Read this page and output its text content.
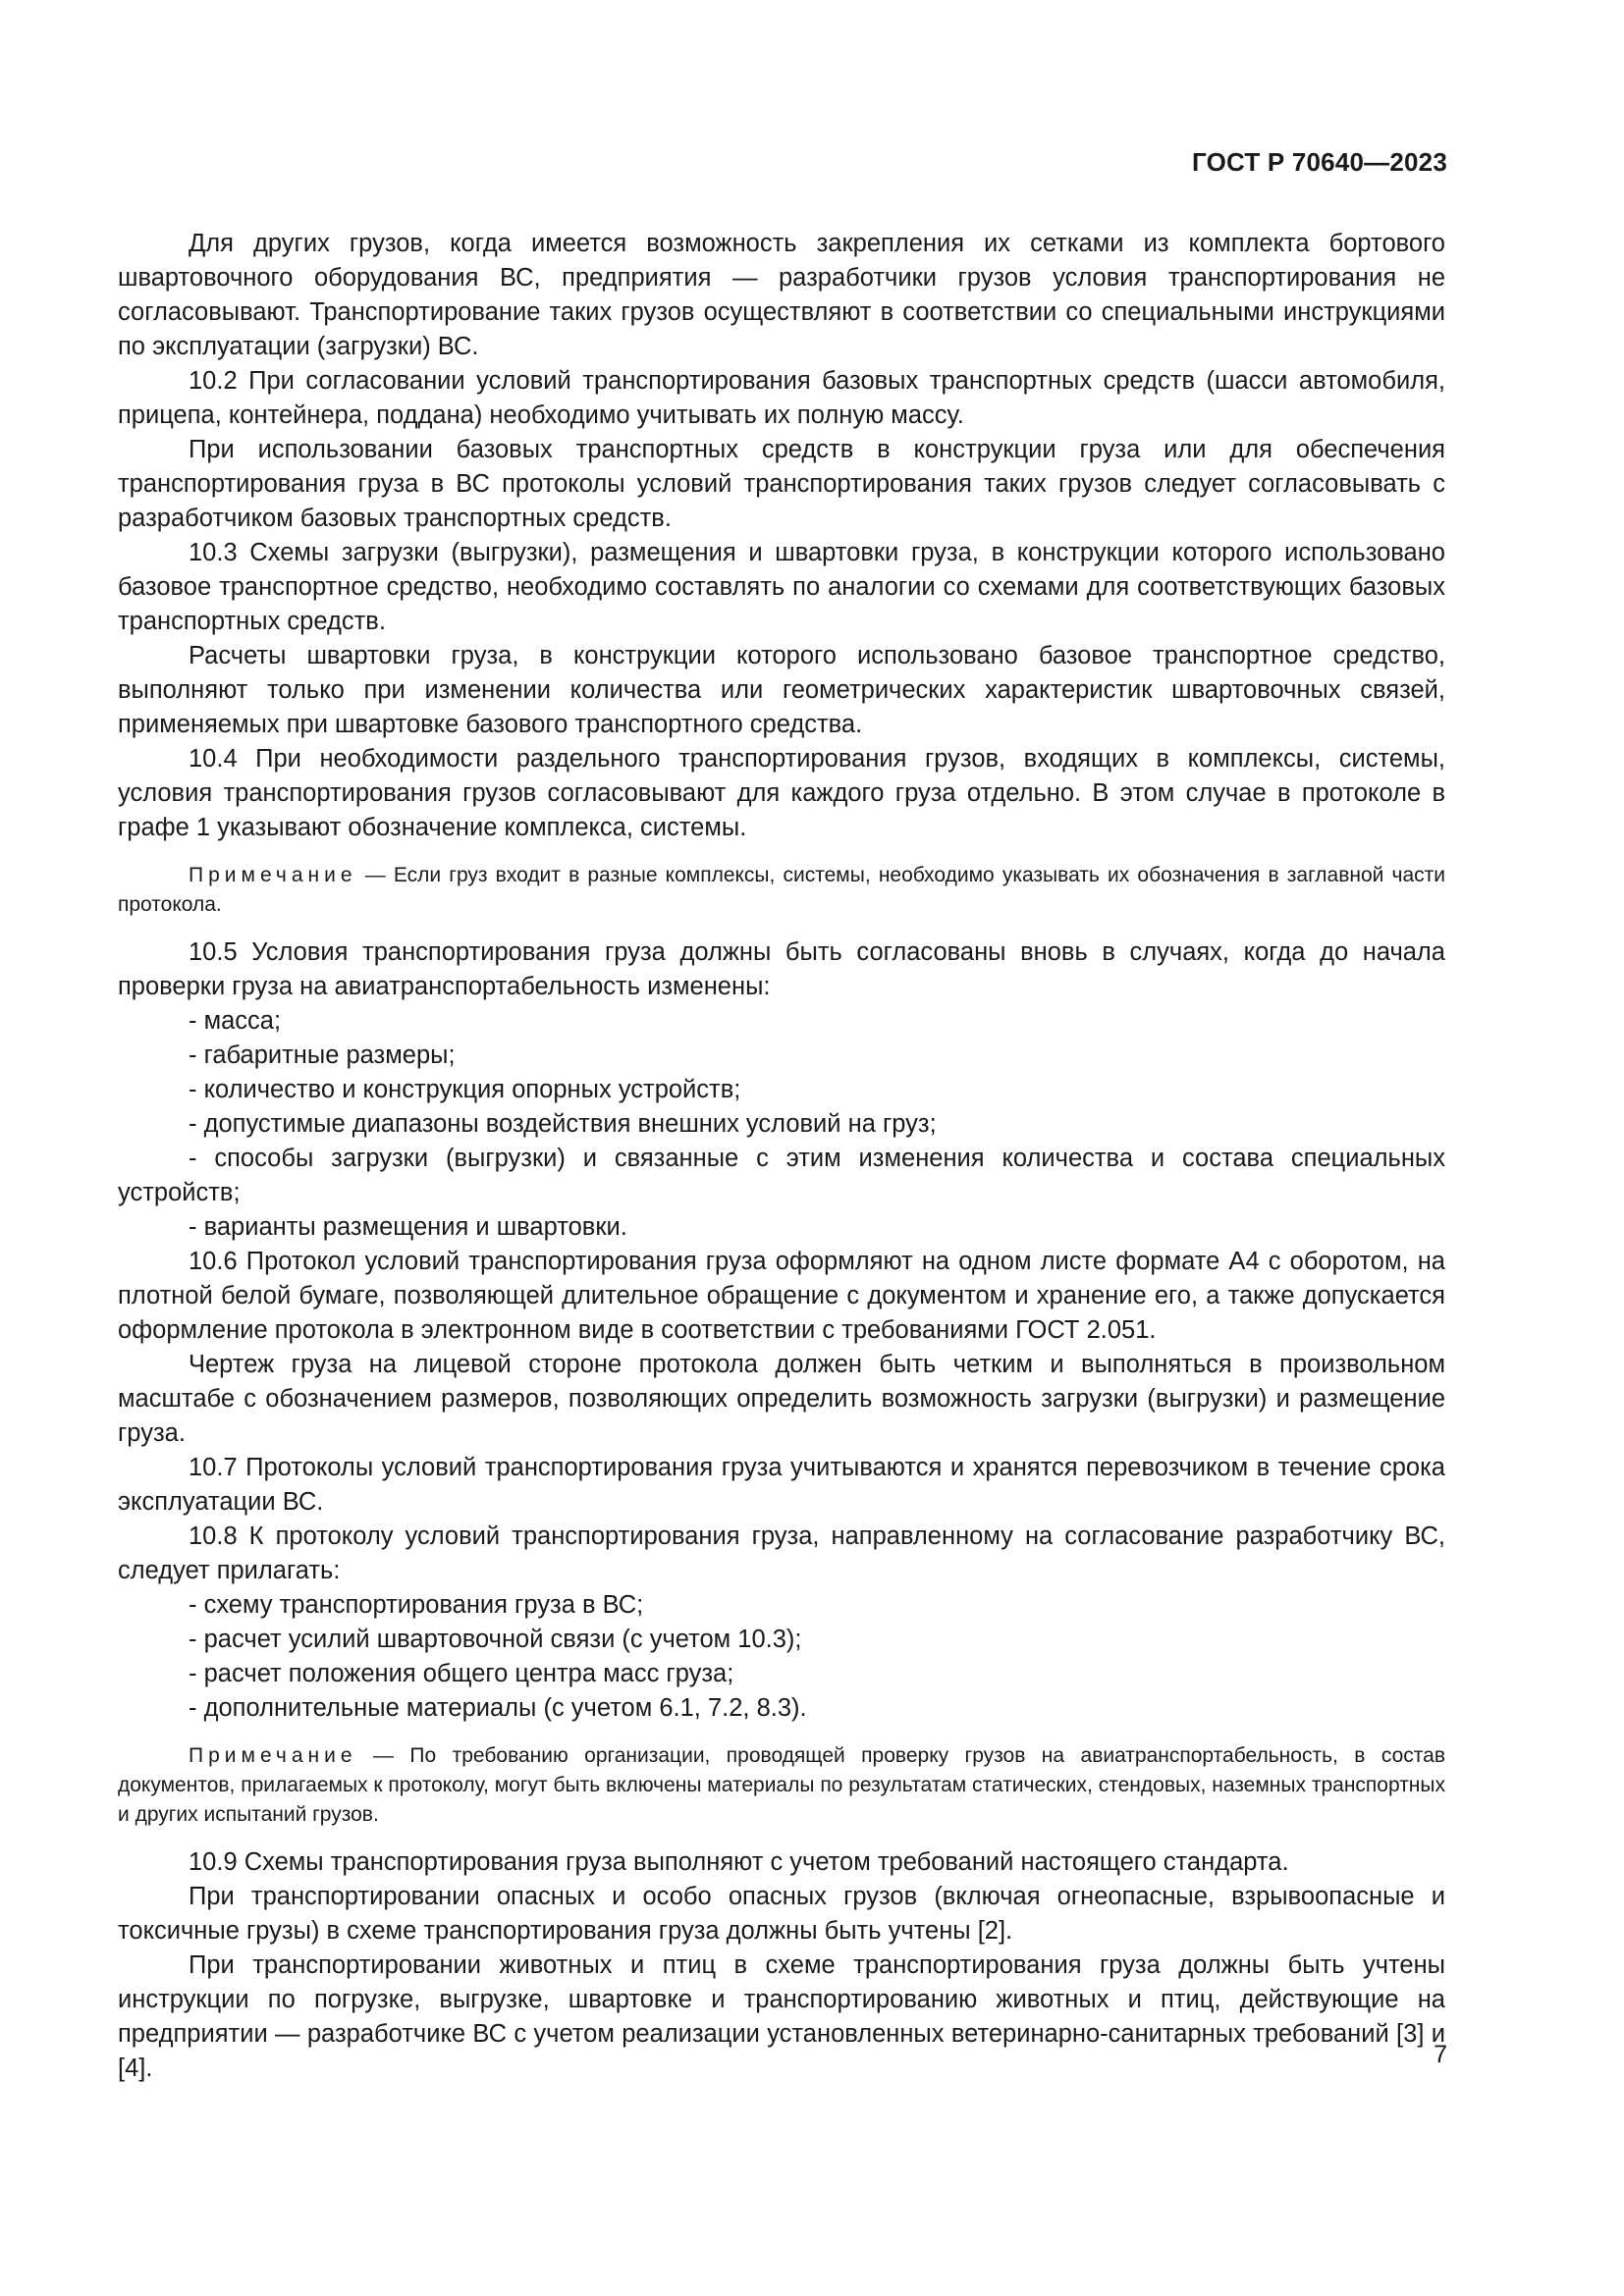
ГОСТ Р 70640—2023

Для других грузов, когда имеется возможность закрепления их сетками из комплекта бортового швартовочного оборудования ВС, предприятия — разработчики грузов условия транспортирования не согласовывают. Транспортирование таких грузов осуществляют в соответствии со специальными инструкциями по эксплуатации (загрузки) ВС.

10.2 При согласовании условий транспортирования базовых транспортных средств (шасси автомобиля, прицепа, контейнера, поддана) необходимо учитывать их полную массу.

При использовании базовых транспортных средств в конструкции груза или для обеспечения транспортирования груза в ВС протоколы условий транспортирования таких грузов следует согласовывать с разработчиком базовых транспортных средств.

10.3 Схемы загрузки (выгрузки), размещения и швартовки груза, в конструкции которого использовано базовое транспортное средство, необходимо составлять по аналогии со схемами для соответствующих базовых транспортных средств.

Расчеты швартовки груза, в конструкции которого использовано базовое транспортное средство, выполняют только при изменении количества или геометрических характеристик швартовочных связей, применяемых при швартовке базового транспортного средства.

10.4 При необходимости раздельного транспортирования грузов, входящих в комплексы, системы, условия транспортирования грузов согласовывают для каждого груза отдельно. В этом случае в протоколе в графе 1 указывают обозначение комплекса, системы.

Примечание — Если груз входит в разные комплексы, системы, необходимо указывать их обозначения в заглавной части протокола.

10.5 Условия транспортирования груза должны быть согласованы вновь в случаях, когда до начала проверки груза на авиатранспортабельность изменены:

- масса;

- габаритные размеры;

- количество и конструкция опорных устройств;

- допустимые диапазоны воздействия внешних условий на груз;

- способы загрузки (выгрузки) и связанные с этим изменения количества и состава специальных устройств;

- варианты размещения и швартовки.

10.6 Протокол условий транспортирования груза оформляют на одном листе формате А4 с оборотом, на плотной белой бумаге, позволяющей длительное обращение с документом и хранение его, а также допускается оформление протокола в электронном виде в соответствии с требованиями ГОСТ 2.051.

Чертеж груза на лицевой стороне протокола должен быть четким и выполняться в произвольном масштабе с обозначением размеров, позволяющих определить возможность загрузки (выгрузки) и размещение груза.

10.7 Протоколы условий транспортирования груза учитываются и хранятся перевозчиком в течение срока эксплуатации ВС.

10.8 К протоколу условий транспортирования груза, направленному на согласование разработчику ВС, следует прилагать:

- схему транспортирования груза в ВС;

- расчет усилий швартовочной связи (с учетом 10.3);

- расчет положения общего центра масс груза;

- дополнительные материалы (с учетом 6.1, 7.2, 8.3).

Примечание — По требованию организации, проводящей проверку грузов на авиатранспортабельность, в состав документов, прилагаемых к протоколу, могут быть включены материалы по результатам статических, стендовых, наземных транспортных и других испытаний грузов.

10.9 Схемы транспортирования груза выполняют с учетом требований настоящего стандарта.

При транспортировании опасных и особо опасных грузов (включая огнеопасные, взрывоопасные и токсичные грузы) в схеме транспортирования груза должны быть учтены [2].

При транспортировании животных и птиц в схеме транспортирования груза должны быть учтены инструкции по погрузке, выгрузке, швартовке и транспортированию животных и птиц, действующие на предприятии — разработчике ВС с учетом реализации установленных ветеринарно-санитарных требований [3] и [4].	7
